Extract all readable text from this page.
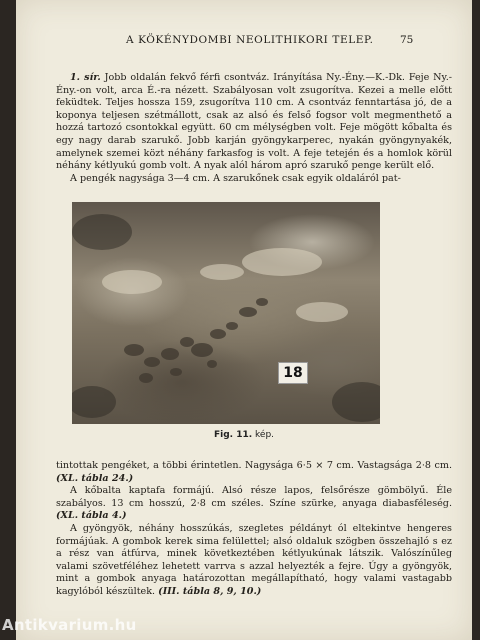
A KÖKÉNYDOMBI NEOLITHIKORI TELEP.	75

1. sír. Jobb oldalán fekvő férfi csontváz. Irányítása Ny.-Ény.—K.-Dk. Feje Ny.-Ény.-on volt, arca É.-ra nézett. Szabályosan volt zsugorítva. Kezei a melle előtt feküdtek. Teljes hossza 159, zsugorítva 110 cm. A csontváz fenntartása jó, de a koponya teljesen szétmállott, csak az alsó és felső fogsor volt megmenthető a hozzá tartozó csontokkal együtt. 60 cm mélységben volt. Feje mögött kőbalta és egy nagy darab szarukő. Jobb karján gyöngykarperec, nyakán gyöngynyakék, amelynek szemei közt néhány farkasfog is volt. A feje tetején és a homlok körül néhány kétlyukú gomb volt. A nyak alól három apró szarukő penge került elő.

A pengék nagysága 3—4 cm. A szarukőnek csak egyik oldaláról pat-

18
Fig. 11. kép.

tintottak pengéket, a többi érintetlen. Nagysága 6·5 × 7 cm. Vastagsága 2·8 cm. (XL. tábla 24.)

A kőbalta kaptafa formájú. Alsó része lapos, felsőrésze gömbölyű. Éle szabályos. 13 cm hosszú, 2·8 cm széles. Színe szürke, anyaga diabasféleség. (XL. tábla 4.)

A gyöngyök, néhány hosszúkás, szegletes példányt ól eltekintve hengeres formájúak. A gombok kerek sima felülettel; alsó oldaluk szögben összehajló s ez a rész van átfúrva, minek következtében kétlyukúnak látszik. Valószínűleg valami szövetféléhez lehetett varrva s azzal helyezték a fejre. Úgy a gyöngyök, mint a gombok anyaga határozottan megállapítható, hogy valami vastagabb kagylóból készültek. (III. tábla 8, 9, 10.)

Antikvarium.hu
